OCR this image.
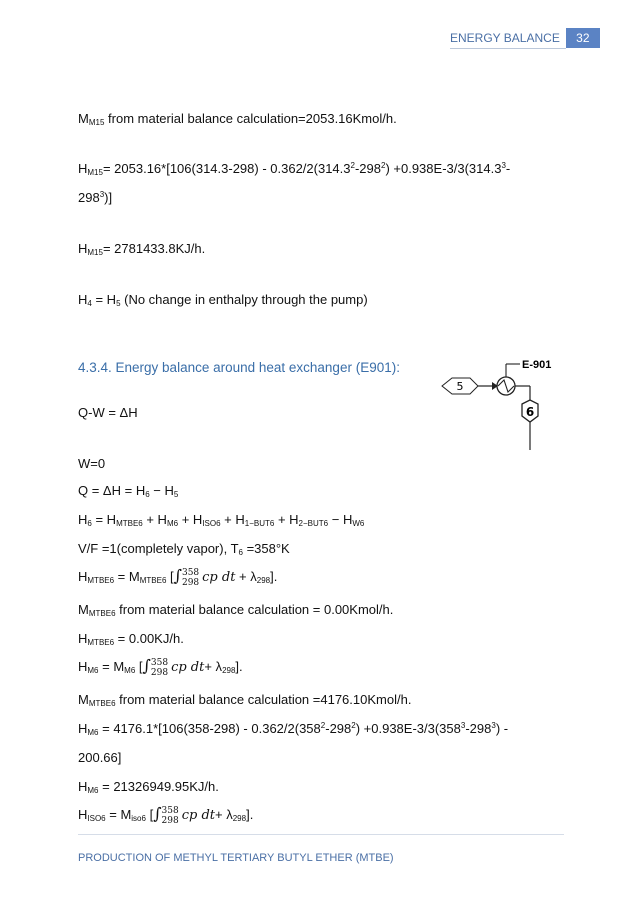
ENERGY BALANCE	32
$M_{M15}$ from material balance calculation=2053.16Kmol/h.
$H_{M15}= 2053.16*[106(314.3-298) - 0.362/2(314.3^2-298^2) +0.938E-3/3(314.3^3-$
$298^3$)]
$H_{M15}= 2781433.8KJ/h$.
$H_4 = H_5$ (No change in enthalpy through the pump)
4.3.4. Energy balance around heat exchanger (E901):
Q-W = ΔH
W=0
$Q = \Delta H = H_6 - H_5$
$H_6 = H_{MTBE6} + H_{M6} + H_{ISO6} + H_{1-BUT6} + H_{2-BUT6} - H_{W6}$
V/F =1(completely vapor), $T_6 =358^\circ K$
$H_{MTBE6} = M_{MTBE6}$ [∫ 358
298 cp dt + $\lambda_{298}$].
$M_{MTBE6}$ from material balance calculation = 0.00Kmol/h.
$H_{MTBE6} = 0.00KJ/h$.
$H_{M6} = M_{M6}$ [∫ 358
298 cp $dt+ \lambda_{298}$].
$M_{MTBE6}$ from material balance calculation =4176.10Kmol/h.
$H_{M6} = 4176.1*[106(358-298) - 0.362/2(358^2-298^2) +0.938E-3/3(358^3-298^3)$ -
200.66]
$H_{M6} = 21326949.95KJ/h$.
$H_{ISO6} = M_{iso6}$ [∫ 358
298 cp $dt+ \lambda_{298}$].
5
E-901
6
PRODUCTION OF METHYL TERTIARY BUTYL ETHER (MTBE)
